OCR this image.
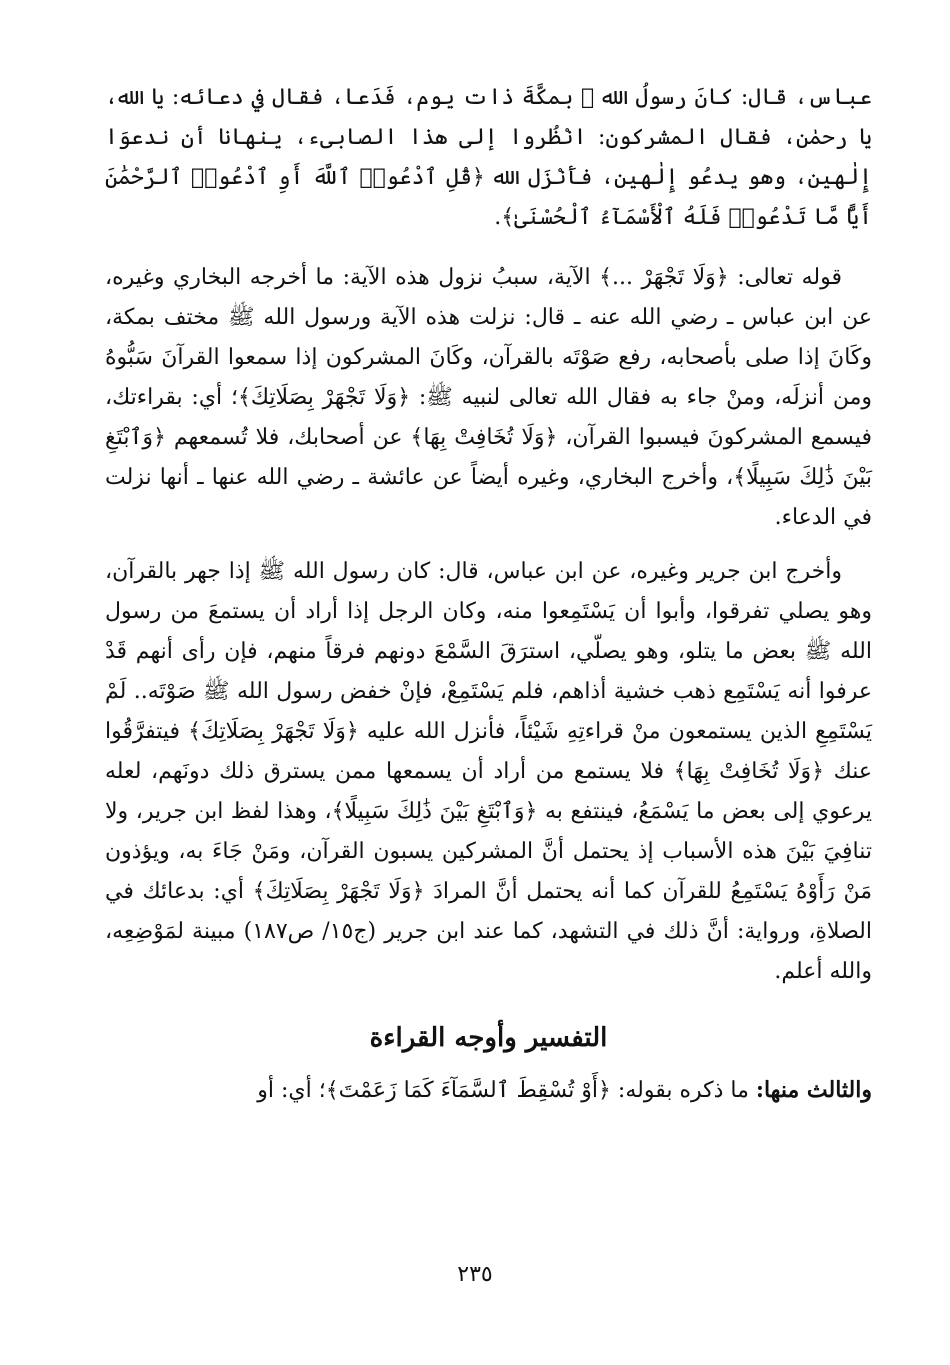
عباس، قال: كانَ رسولُ الله ﷺ بمكَّةَ ذات يوم، فَدَعا، فقال في دعائه: يا الله، يا رحمٰن، فقال المشركون: انْظُروا إلى هذا الصابىء، ينهانا أن ندعوَا إِلٰهين، وهو يدعُو إِلٰهين، فأَنْزَل الله ﴿قُلِ ٱدْعُوا۟ ٱللَّهَ أَوِ ٱدْعُوا۟ ٱلرَّحْمَٰنَ أَيًّا مَّا تَدْعُوا۟ فَلَهُ ٱلْأَسْمَآءُ ٱلْحُسْنَىٰ﴾.

قوله تعالى: ﴿وَلَا تَجْهَرْ ...﴾ الآية، سببُ نزول هذه الآية: ما أخرجه البخاري وغيره، عن ابن عباس ـ رضي الله عنه ـ قال: نزلت هذه الآية ورسول الله ﷺ مختف بمكة، وكَانَ إذا صلى بأصحابه، رفع صَوْتَه بالقرآن، وكَانَ المشركون إذا سمعوا القرآنَ سَبُّوهُ ومن أنزلَه، ومنْ جاء به فقال الله تعالى لنبيه ﷺ: ﴿وَلَا تَجْهَرْ بِصَلَاتِكَ﴾؛ أي: بقراءتك، فيسمع المشركونَ فيسبوا القرآن، ﴿وَلَا تُخَافِتْ بِهَا﴾ عن أصحابك، فلا تُسمعهم ﴿وَٱبْتَغِ بَيْنَ ذَٰلِكَ سَبِيلًا﴾، وأخرج البخاري، وغيره أيضاً عن عائشة ـ رضي الله عنها ـ أنها نزلت في الدعاء.

وأخرج ابن جرير وغيره، عن ابن عباس، قال: كان رسول الله ﷺ إذا جهر بالقرآن، وهو يصلي تفرقوا، وأبوا أن يَسْتَمِعوا منه، وكان الرجل إذا أراد أن يستمعَ من رسول الله ﷺ بعض ما يتلو، وهو يصلّي، استرَقَ السَّمْعَ دونهم فرقاً منهم، فإن رأى أنهم قَدْ عرفوا أنه يَسْتَمِع ذهب خشية أذاهم، فلم يَسْتَمِعْ، فإنْ خفض رسول الله ﷺ صَوْتَه.. لَمْ يَسْتَمِعِ الذين يستمعون منْ قراءتِهِ شَيْئاً، فأنزل الله عليه ﴿وَلَا تَجْهَرْ بِصَلَاتِكَ﴾ فيتفرَّقُوا عنك ﴿وَلَا تُخَافِتْ بِهَا﴾ فلا يستمع من أراد أن يسمعها ممن يسترق ذلك دونَهم، لعله يرعوي إلى بعض ما يَسْمَعُ، فينتفع به ﴿وَٱبْتَغِ بَيْنَ ذَٰلِكَ سَبِيلًا﴾، وهذا لفظ ابن جرير، ولا تنافِيَ بَيْنَ هذه الأسباب إذ يحتمل أنَّ المشركين يسبون القرآن، ومَنْ جَاءَ به، ويؤذون مَنْ رَأَوْهُ يَسْتَمِعُ للقرآن كما أنه يحتمل أنَّ المرادَ ﴿وَلَا تَجْهَرْ بِصَلَاتِكَ﴾ أي: بدعائك في الصلاةِ، ورواية: أنَّ ذلك في التشهد، كما عند ابن جرير (ج١٥/ ص١٨٧) مبينة لمَوْضِعِه، والله أعلم.

التفسير وأوجه القراءة

والثالث منها: ما ذكره بقوله: ﴿أَوْ تُسْقِطَ ٱلسَّمَآءَ كَمَا زَعَمْتَ﴾؛ أي: أو

٢٣٥
